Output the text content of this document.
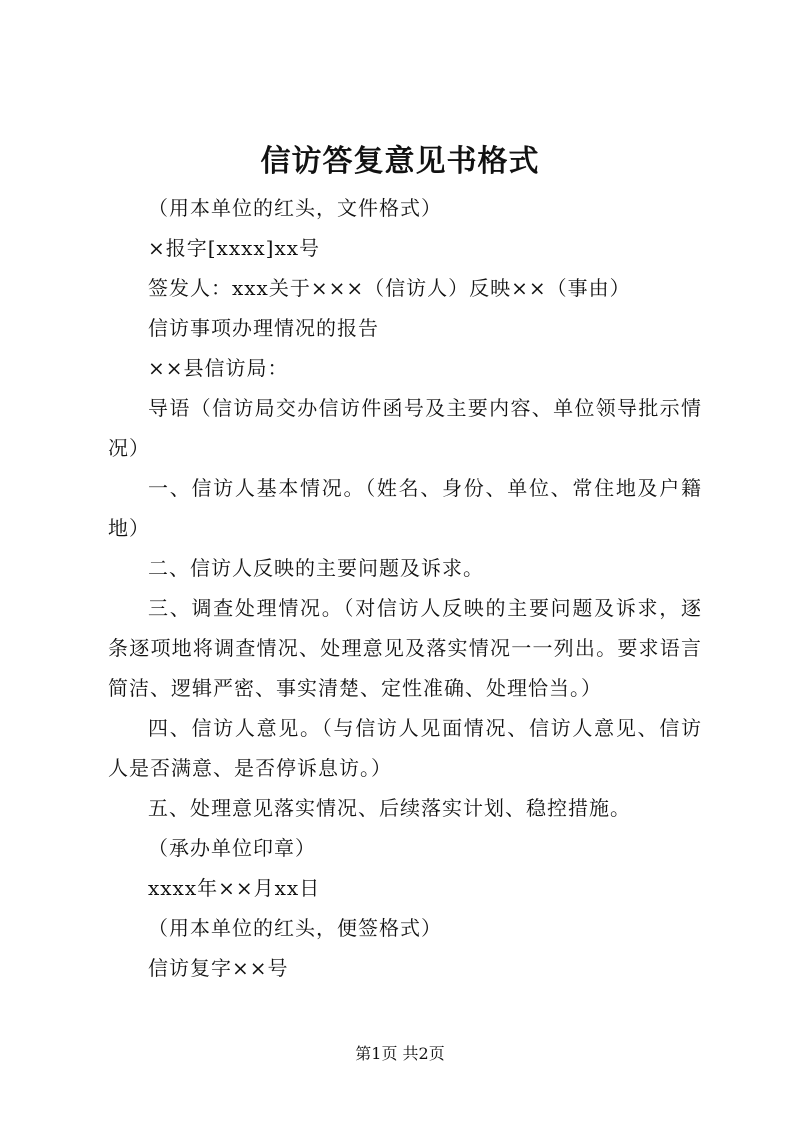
信访答复意见书格式

（用本单位的红头，文件格式）

×报字[xxxx]xx号

签发人：xxx关于×××（信访人）反映××（事由）

信访事项办理情况的报告

××县信访局：

导语（信访局交办信访件函号及主要内容、单位领导批示情况）

一、信访人基本情况。（姓名、身份、单位、常住地及户籍地）

二、信访人反映的主要问题及诉求。

三、调查处理情况。（对信访人反映的主要问题及诉求，逐条逐项地将调查情况、处理意见及落实情况一一列出。要求语言简洁、逻辑严密、事实清楚、定性准确、处理恰当。）

四、信访人意见。（与信访人见面情况、信访人意见、信访人是否满意、是否停诉息访。）

五、处理意见落实情况、后续落实计划、稳控措施。

（承办单位印章）

xxxx年××月xx日

（用本单位的红头，便签格式）

信访复字××号

第1页 共2页
